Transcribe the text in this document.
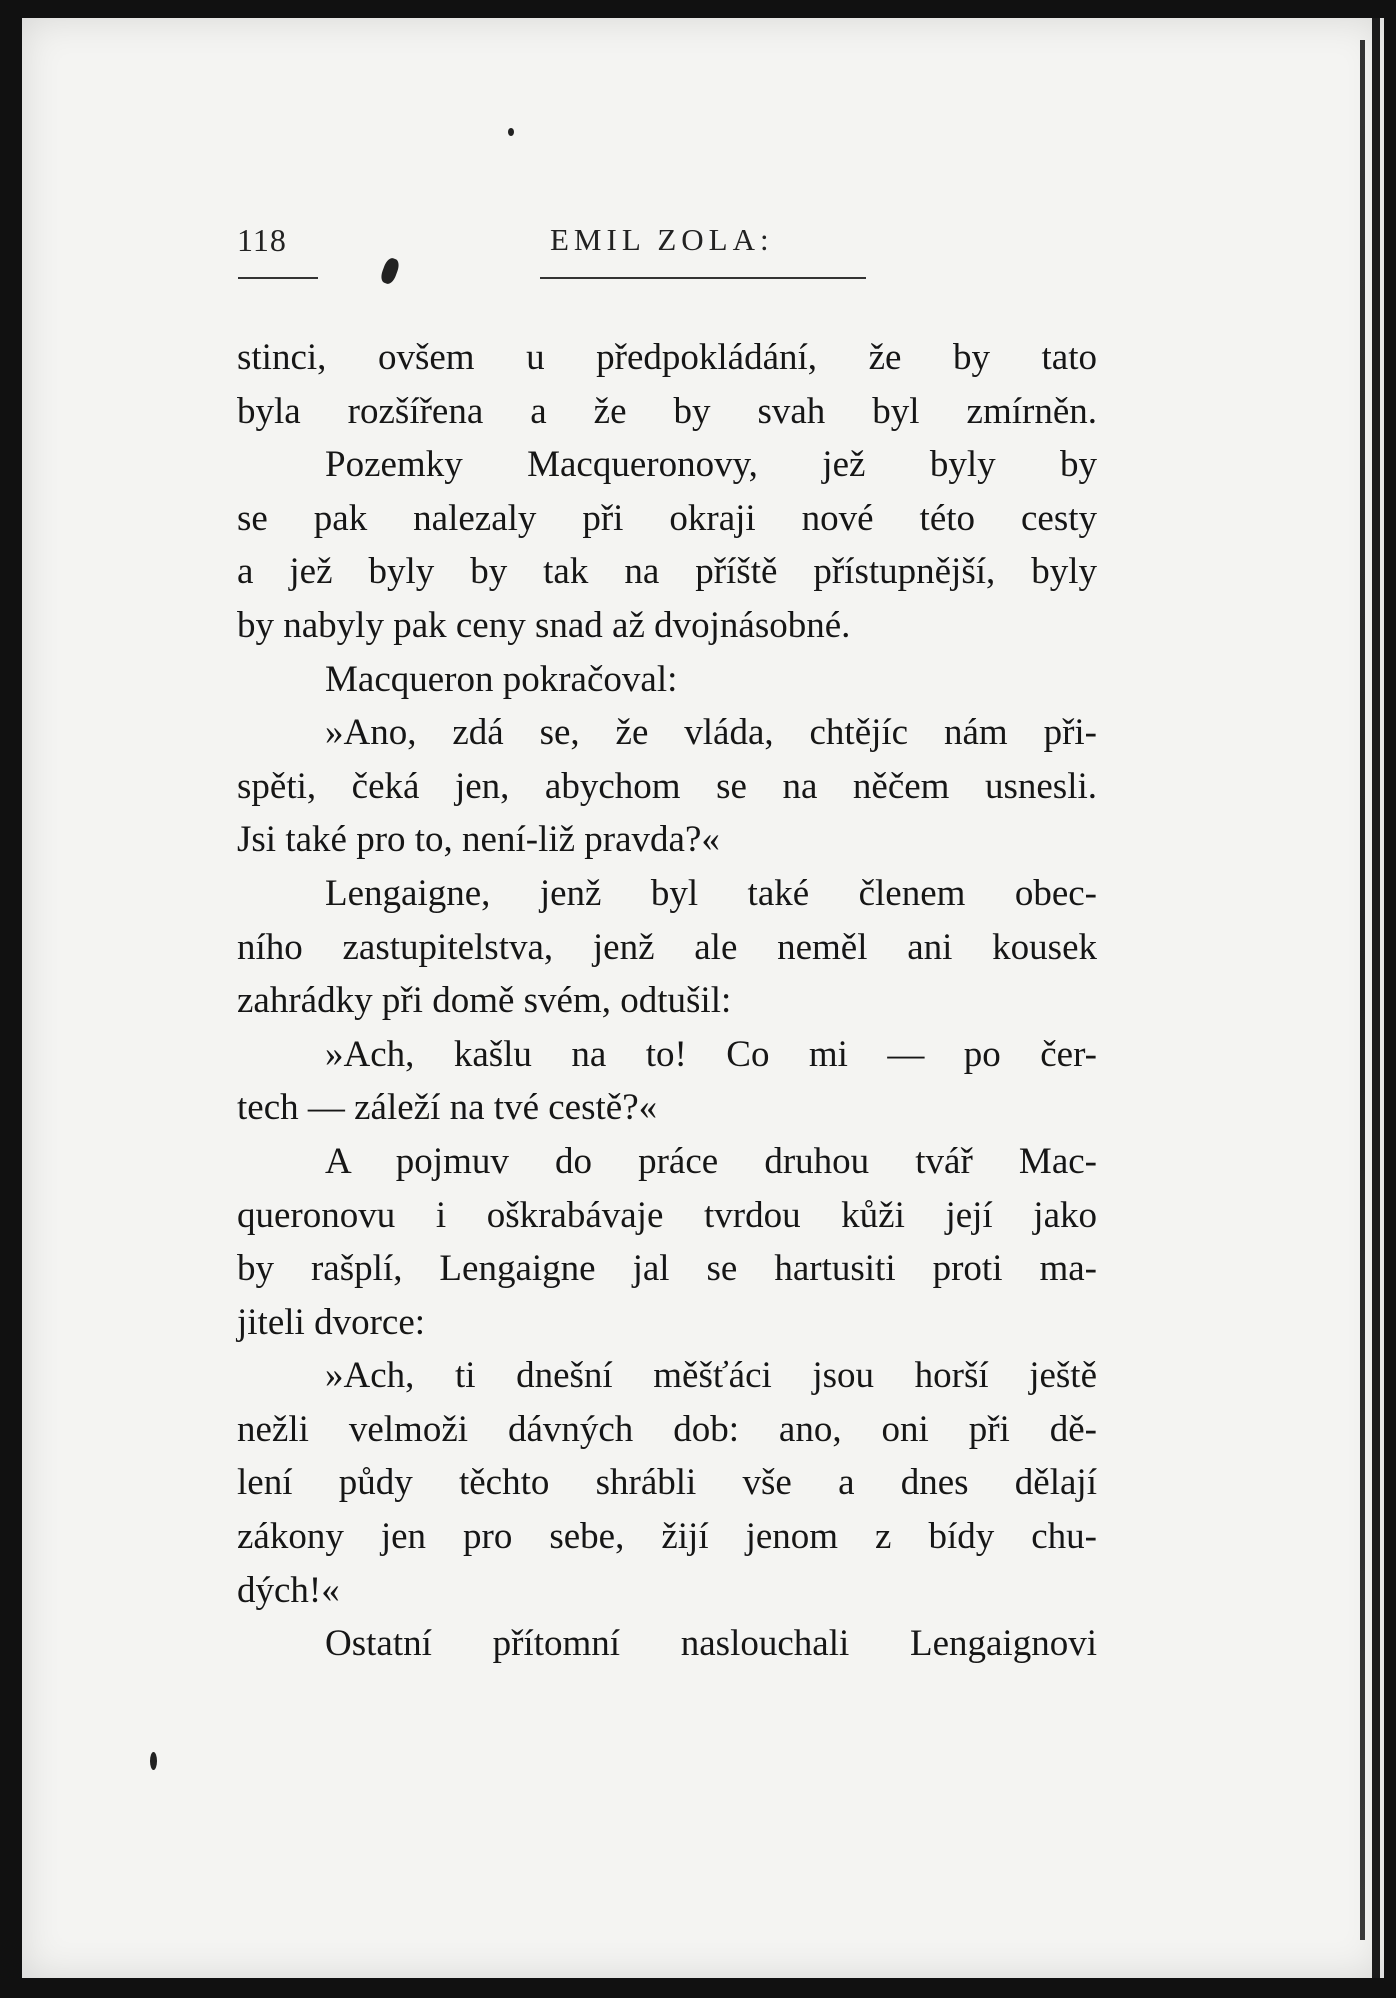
118	EMIL ZOLA:
stinci, ovšem u předpokládání, že by tato
byla rozšířena a že by svah byl zmírněn.
Pozemky Macqueronovy, jež byly by
se pak nalezaly při okraji nové této cesty
a jež byly by tak na příště přístupnější, byly
by nabyly pak ceny snad až dvojnásobné.
Macqueron pokračoval:
»Ano, zdá se, že vláda, chtějíc nám při-
spěti, čeká jen, abychom se na něčem usnesli.
Jsi také pro to, není-liž pravda?«
Lengaigne, jenž byl také členem obec-
ního zastupitelstva, jenž ale neměl ani kousek
zahrádky při domě svém, odtušil:
»Ach, kašlu na to! Co mi — po čer-
tech — záleží na tvé cestě?«
A pojmuv do práce druhou tvář Mac-
queronovu i oškrabávaje tvrdou kůži její jako
by rašplí, Lengaigne jal se hartusiti proti ma-
jiteli dvorce:
»Ach, ti dnešní měšťáci jsou horší ještě
nežli velmoži dávných dob: ano, oni při dě-
lení půdy těchto shrábli vše a dnes dělají
zákony jen pro sebe, žijí jenom z bídy chu-
dých!«
Ostatní přítomní naslouchali Lengaignovi
